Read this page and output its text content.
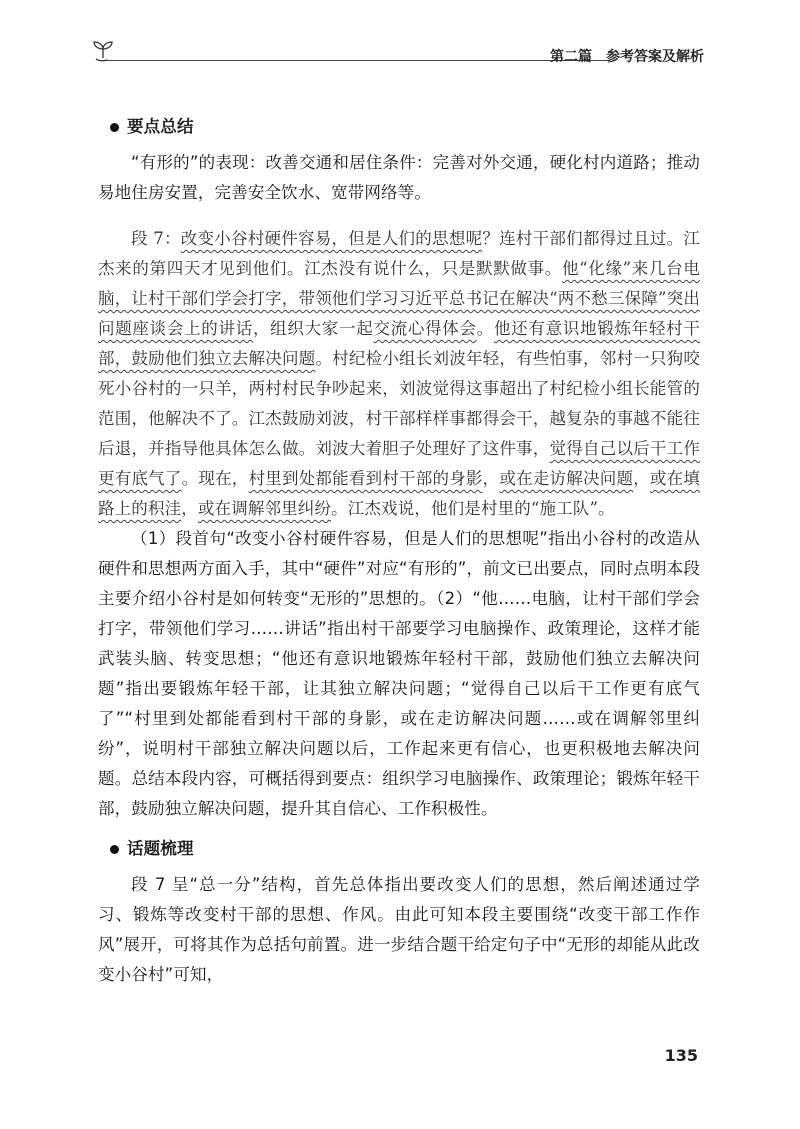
第二篇　参考答案及解析
要点总结

“有形的”的表现：改善交通和居住条件：完善对外交通，硬化村内道路；推动易地住房安置，完善安全饮水、宽带网络等。

段 7：改变小谷村硬件容易，但是人们的思想呢？连村干部们都得过且过。江杰来的第四天才见到他们。江杰没有说什么，只是默默做事。他“化缘”来几台电脑，让村干部们学会打字，带领他们学习习近平总书记在解决“两不愁三保障”突出问题座谈会上的讲话，组织大家一起交流心得体会。他还有意识地锻炼年轻村干部，鼓励他们独立去解决问题。村纪检小组长刘波年轻，有些怕事，邻村一只狗咬死小谷村的一只羊，两村村民争吵起来，刘波觉得这事超出了村纪检小组长能管的范围，他解决不了。江杰鼓励刘波，村干部样样事都得会干，越复杂的事越不能往后退，并指导他具体怎么做。刘波大着胆子处理好了这件事，觉得自己以后干工作更有底气了。现在，村里到处都能看到村干部的身影，或在走访解决问题，或在填路上的积洼，或在调解邻里纠纷。江杰戏说，他们是村里的“施工队”。

（1）段首句“改变小谷村硬件容易，但是人们的思想呢”指出小谷村的改造从硬件和思想两方面入手，其中“硬件”对应“有形的”，前文已出要点，同时点明本段主要介绍小谷村是如何转变“无形的”思想的。（2）“他……电脑，让村干部们学会打字，带领他们学习……讲话”指出村干部要学习电脑操作、政策理论，这样才能武装头脑、转变思想；“他还有意识地锻炼年轻村干部，鼓励他们独立去解决问题”指出要锻炼年轻干部，让其独立解决问题；“觉得自己以后干工作更有底气了”“村里到处都能看到村干部的身影，或在走访解决问题……或在调解邻里纠纷”，说明村干部独立解决问题以后，工作起来更有信心，也更积极地去解决问题。总结本段内容，可概括得到要点：组织学习电脑操作、政策理论；锻炼年轻干部，鼓励独立解决问题，提升其自信心、工作积极性。

话题梳理

段 7 呈“总一分”结构，首先总体指出要改变人们的思想，然后阐述通过学习、锻炼等改变村干部的思想、作风。由此可知本段主要围绕“改变干部工作作风”展开，可将其作为总括句前置。进一步结合题干给定句子中“无形的却能从此改变小谷村”可知，

135
